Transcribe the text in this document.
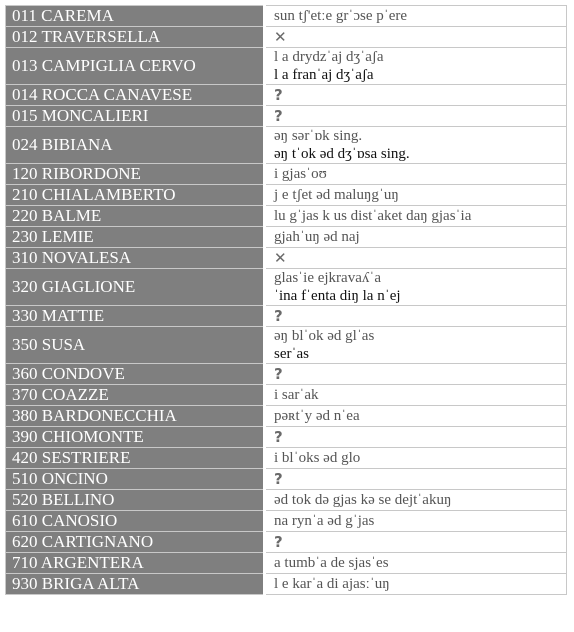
011 CAREMA	sun tʃ'etːe grˈɔse pˈere

012 TRAVERSELLA	✕

013 CAMPIGLIA CERVO	l a drydzˈaj dʒˈaʃa
l a franˈaj dʒˈaʃa

014 ROCCA CANAVESE	?

015 MONCALIERI	?

024 BIBIANA	əŋ sərˈɒk sing.
əŋ tˈok əd dʒˈɒsa sing.

120 RIBORDONE	i gjasˈoʊ

210 CHIALAMBERTO	j e tʃet əd maluŋgˈuŋ

220 BALME	lu gˈjas k us distˈaket daŋ gjasˈia

230 LEMIE	gjahˈuŋ əd naj

310 NOVALESA	✕

320 GIAGLIONE	glasˈie ejkravaʎˈa
ˈina fˈenta diŋ la nˈej

330 MATTIE	?

350 SUSA	əŋ blˈok əd glˈas
serˈas

360 CONDOVE	?

370 COAZZE	i sarˈak

380 BARDONECCHIA	pəʀtˈy əd nˈea

390 CHIOMONTE	?

420 SESTRIERE	i blˈoks əd glo

510 ONCINO	?

520 BELLINO	əd tok də gjas kə se dejtˈakuŋ

610 CANOSIO	na rynˈa əd gˈjas

620 CARTIGNANO	?

710 ARGENTERA	a tumbˈa de sjasˈes

930 BRIGA ALTA	l e karˈa di ajasːˈuŋ
